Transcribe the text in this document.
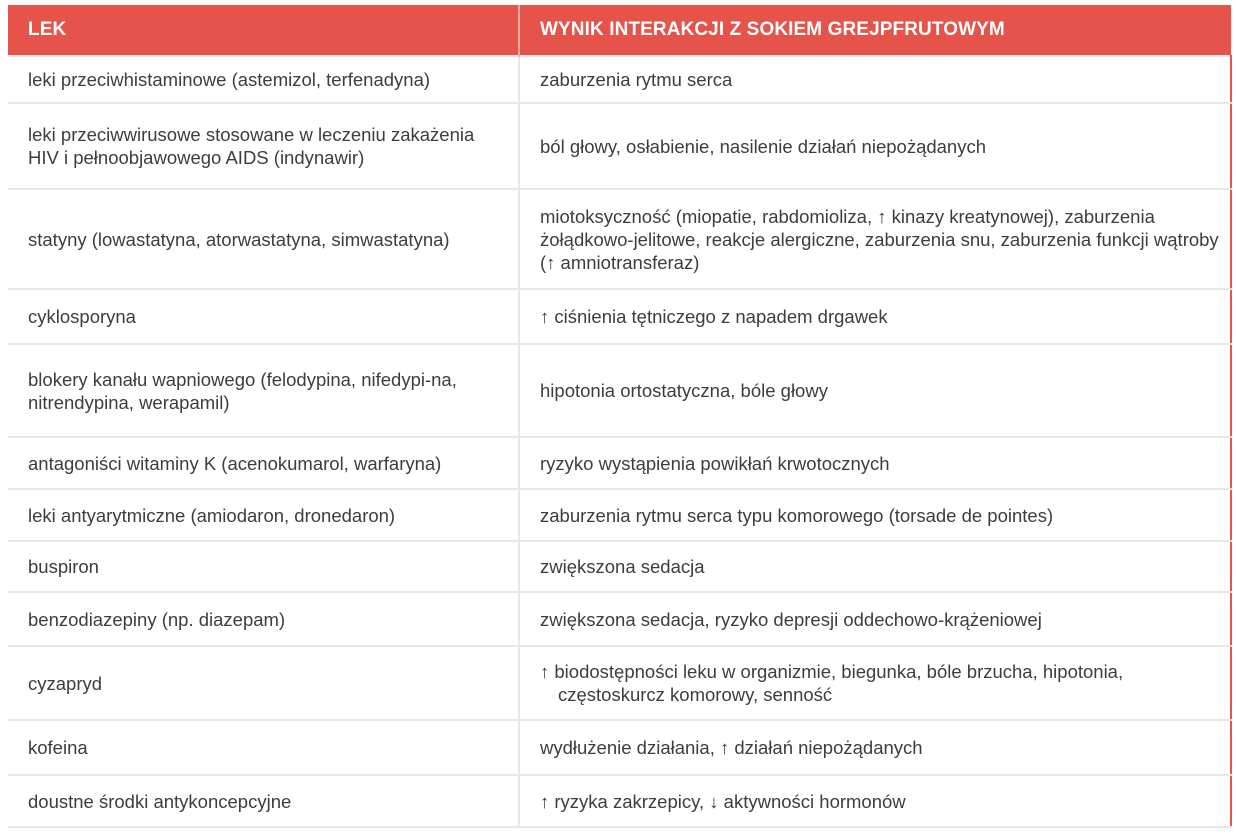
LEK	WYNIK INTERAKCJI Z SOKIEM GREJPFRUTOWYM
leki przeciwhistaminowe (astemizol, terfenadyna)	zaburzenia rytmu serca
leki przeciwwirusowe stosowane w leczeniu zakażenia HIV i pełnoobjawowego AIDS (indynawir)	ból głowy, osłabienie, nasilenie działań niepożądanych
statyny (lowastatyna, atorwastatyna, simwastatyna)	miotoksyczność (miopatie, rabdomioliza, ↑ kinazy kreatynowej), zaburzenia żołądkowo-jelitowe, reakcje alergiczne, zaburzenia snu, zaburzenia funkcji wątroby (↑ amniotransferaz)
cyklosporyna	↑ ciśnienia tętniczego z napadem drgawek
blokery kanału wapniowego (felodypina, nifedypi-na, nitrendypina, werapamil)	hipotonia ortostatyczna, bóle głowy
antagoniści witaminy K (acenokumarol, warfaryna)	ryzyko wystąpienia powikłań krwotocznych
leki antyarytmiczne (amiodaron, dronedaron)	zaburzenia rytmu serca typu komorowego (torsade de pointes)
buspiron	zwiększona sedacja
benzodiazepiny (np. diazepam)	zwiększona sedacja, ryzyko depresji oddechowo-krążeniowej
cyzapryd	↑ biodostępności leku w organizmie, biegunka, bóle brzucha, hipotonia, częstoskurcz komorowy, senność
kofeina	wydłużenie działania, ↑ działań niepożądanych
doustne środki antykoncepcyjne	↑ ryzyka zakrzepicy, ↓ aktywności hormonów
